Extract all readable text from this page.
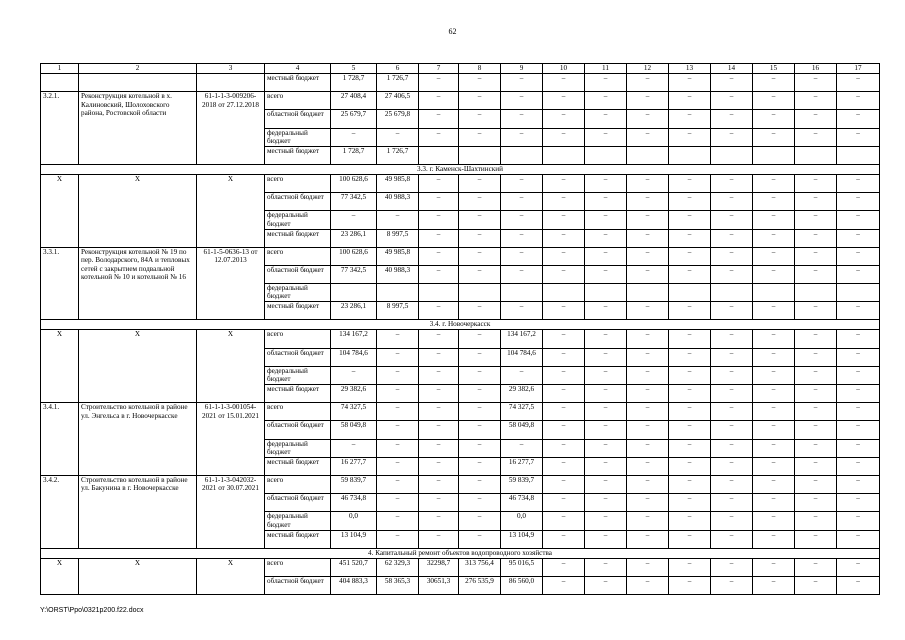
62
1	2	3	4	5	6	7	8	9	10	11	12	13	14	15	16	17
			местный бюджет	1 728,7	1 726,7	–	–	–	–	–	–	–	–	–	–	–
3.2.1.	Реконструкция котельной в х. Калиновский, Шолоховского района, Ростовской области	61-1-1-3-009206-2018 от 27.12.2018	всего	27 408,4	27 406,5	–	–	–	–	–	–	–	–	–	–	–
			областной бюджет	25 679,7	25 679,8	–	–	–	–	–	–	–	–	–	–	–
			федеральный бюджет	–	–	–	–	–	–	–	–	–	–	–	–	–
			местный бюджет	1 728,7	1 726,7											
3.3. г. Каменск-Шахтинский																
Х	Х	Х	всего	100 628,6	49 985,8	–	–	–	–	–	–	–	–	–	–	–
			областной бюджет	77 342,5	40 988,3	–	–	–	–	–	–	–	–	–	–	–
			федеральный бюджет	–	–	–	–	–	–	–	–	–	–	–	–	–
			местный бюджет	23 286,1	8 997,5	–	–	–	–	–	–	–	–	–	–	–
3.3.1.	Реконструкция котельной № 19 по пер. Володарского, 84А и тепловых сетей с закрытием подвальной котельной № 10 и котельной № 16	61-1-5-0636-13 от 12.07.2013	всего	100 628,6	49 985,8	–	–	–	–	–	–	–	–	–	–	–
			областной бюджет	77 342,5	40 988,3	–	–	–	–	–	–	–	–	–	–	–
			федеральный бюджет													
			местный бюджет	23 286,1	8 997,5	–	–	–	–	–	–	–	–	–	–	–
3.4. г. Новочеркасск																
Х	Х	Х	всего	134 167,2	–	–	–	134 167,2	–	–	–	–	–	–	–	–
			областной бюджет	104 784,6	–	–	–	104 784,6	–	–	–	–	–	–	–	–
			федеральный бюджет	–	–	–	–	–	–	–	–	–	–	–	–	–
			местный бюджет	29 382,6	–	–	–	29 382,6	–	–	–	–	–	–	–	–
3.4.1.	Строительство котельной в районе ул. Энгельса в г. Новочеркасске	61-1-1-3-001054-2021 от 15.01.2021	всего	74 327,5	–	–	–	74 327,5	–	–	–	–	–	–	–	–
			областной бюджет	58 049,8	–	–	–	58 049,8	–	–	–	–	–	–	–	–
			федеральный бюджет	–	–	–	–	–	–	–	–	–	–	–	–	–
			местный бюджет	16 277,7	–	–	–	16 277,7	–	–	–	–	–	–	–	–
3.4.2.	Строительство котельной в районе ул. Бакунина в г. Новочеркасске	61-1-1-3-042032-2021 от 30.07.2021	всего	59 839,7	–	–	–	59 839,7	–	–	–	–	–	–	–	–
			областной бюджет	46 734,8	–	–	–	46 734,8	–	–	–	–	–	–	–	–
			федеральный бюджет	0,0	–	–	–	0,0	–	–	–	–	–	–	–	–
			местный бюджет	13 104,9	–	–	–	13 104,9	–	–	–	–	–	–	–	–
4. Капитальный ремонт объектов водопроводного хозяйства																
Х	Х	Х	всего	451 520,7	62 329,3	32298,7	313 756,4	95 016,5	–	–	–	–	–	–	–	–
			областной бюджет	404 883,3	58 365,3	30651,3	276 535,9	86 560,0	–	–	–	–	–	–	–	–
Y:\ORST\Ppo\0321p200.f22.docx
